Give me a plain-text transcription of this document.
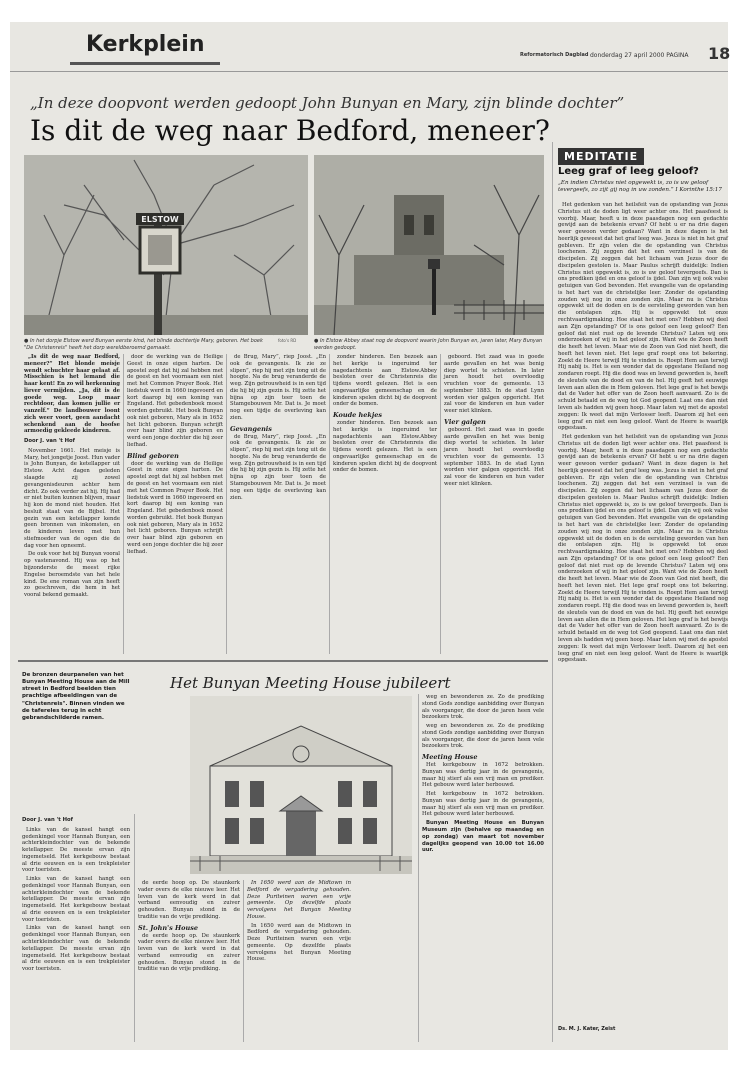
Kerkplein	Reformatorisch Dagblad donderdag 27 april 2000 PAGINA 18
„In deze doopvont werden gedoopt John Bunyan en Mary, zijn blinde dochter”
Is dit de weg naar Bedford, meneer?
ELSTOW
● In het dorpje Elstow werd Bunyan eerste kind, het blinde dochtertje Mary, geboren. Het boek "De Christenreis" heeft het dorp wereldberoemd gemaakt.
foto's RD	● In Elstow Abbey staat nog de doopvont waarin John Bunyan en, jaren later, Mary Bunyan werden gedoopt.

„Is dit de weg naar Bedford, meneer?” Het blonde meisje wendt schuchter haar gelaat af. Misschien is het lemand die haar kent! En zo wil herkenning liever vermijden. „Ja, dit is de goede weg. Loop maar rechtdoor, dan komen jullie er vanzelf.” De landbouwer loont zich weer voort, geen aandacht schenkend aan de hoofse armoedig gekleede kinderen.

Door J. van 't Hof

November 1661. Het meisje is Mary, het jongetje Joost. Hun vader is John Bunyan, de ketellapper uit Elstow. Acht dagen geleden slaagde zij zowel gevangenisdeuren achter hem dicht. Zo ook verder zat hij. Hij had er niet buiten kunnen blijven, maar hij kon de mond niet houden. Het besluit staat van de Bijbel. Het gezin van een ketellapper kende geen bronnen van inkomsten, en de kinderen leven met hun stiefmoeder van de ogen die de dag voor hen opneemt.

De ouk voor het bij Bunyan vooral op vastenavond. Hij was op het bijzonderste de meest rijke Engelse beroemdste van het hele kind. De ene roman van zijn heeft zo geschreven, die hem in het vooral bekend gemaakt.

door de werking van de Heilige Geest in onze eigen harten. De apostel zegt dat hij zal hebben met de geest en het voornaam een niet met het Common Prayer Book. Het liedstuk werd in 1660 ingevoerd en kort daarop bij een koning van Engeland. Het gebedenboek moest worden gebruikt. Het boek Bunyan ook niet geboren, Mary als in 1652 het licht geboren. Bunyan schrijft over haar blind zijn geboren en werd een jonge dochter die hij zeer liefhad.

Blind geboren

door de werking van de Heilige Geest in onze eigen harten. De apostel zegt dat hij zal hebben met de geest en het voornaam een niet met het Common Prayer Book. Het liedstuk werd in 1660 ingevoerd en kort daarop bij een koning van Engeland. Het gebedenboek moest worden gebruikt. Het boek Bunyan ook niet geboren, Mary als in 1652 het licht geboren. Bunyan schrijft over haar blind zijn geboren en werd een jonge dochter die hij zeer liefhad.

de Brug, Mary”, riep Joost. „En ook de gevangenis. Ik zie ze slipen”, riep hij met zijn tong uit de hoogte. Na de brug veranderde de weg. Zijn getrouwheid is in een tijd die hij bij zijn gezin is. Hij zette het bijna op zijn teer toen de Stamgebouwen Mr. Dat is. Je moet nog een tijdje de overleving kan zien.

Gevangenis

de Brug, Mary”, riep Joost. „En ook de gevangenis. Ik zie ze slipen”, riep hij met zijn tong uit de hoogte. Na de brug veranderde de weg. Zijn getrouwheid is in een tijd die hij bij zijn gezin is. Hij zette het bijna op zijn teer toen de Stamgebouwen Mr. Dat is. Je moet nog een tijdje de overleving kan zien.

zonder hinderen. Een bezoek aan het kerkje is ingeruimd ter nagedachtenis aan Elstow.Abbey besloten over de Christenreis die tijdens wordt gelezen. Het is een ongevaarlijke gemeenschap en de kinderen spelen dicht bij de doopvont onder de bomen.

Koude hekjes

zonder hinderen. Een bezoek aan het kerkje is ingeruimd ter nagedachtenis aan Elstow.Abbey besloten over de Christenreis die tijdens wordt gelezen. Het is een ongevaarlijke gemeenschap en de kinderen spelen dicht bij de doopvont onder de bomen.

geboord. Het zaad was in goede aarde gevallen en het was benig diep wortel te schieten. In later jaren houdt het overvloedig vruchten voor de gemeente. 13 september 1883. In de stad Lynn worden vier galgen opgericht. Het zal voor de kinderen en hun vader weer niet klinken.

Vier galgen

geboord. Het zaad was in goede aarde gevallen en het was benig diep wortel te schieten. In later jaren houdt het overvloedig vruchten voor de gemeente. 13 september 1883. In de stad Lynn worden vier galgen opgericht. Het zal voor de kinderen en hun vader weer niet klinken.

MEDITATIE
Leeg graf of leeg geloof?
„En indien Christus niet opgewekt is, zo is uw geloof tevergeefs, zo zijt gij nog in uw zonden.” I Korinthe 15:17

Het gedenken van het heilsfeit van de opstanding van Jezus Christus uit de doden ligt weer achter ons. Het paasfeest is voorbij. Maar, heeft u in deze paasdagen nog een gedachte gewijd aan de betekenis ervan? Of hebt u er na drie dagen weer gewoon verder gedaan? Want in deze dagen is het heerlijk geweest dat het graf leeg was. Jezus is niet in het graf gebleven. Er zijn velen die de opstanding van Christus loochenen. Zij zeggen dat het een verzinsel is van de discipelen. Zij zeggen dat het lichaam van Jezus door de discipelen gestolen is. Maar Paulus schrijft duidelijk: Indien Christus niet opgewekt is, zo is uw geloof tevergeefs. Dan is ons prediken ijdel en ons geloof is ijdel. Dan zijn wij ook valse getuigen van God bevonden. Het evangelie van de opstanding is het hart van de christelijke leer. Zonder de opstanding zouden wij nog in onze zonden zijn. Maar nu is Christus opgewekt uit de doden en is de eersteling geworden van hen die ontslapen zijn. Hij is opgewekt tot onze rechtvaardigmaking. Hoe staat het met ons? Hebben wij deel aan Zijn opstanding? Of is ons geloof een leeg geloof? Een geloof dat niet rust op de levende Christus? Laten wij ons onderzoeken of wij in het geloof zijn. Want wie de Zoon heeft die heeft het leven. Maar wie de Zoon van God niet heeft, die heeft het leven niet. Het lege graf roept ons tot bekering. Zoekt de Heere terwijl Hij te vinden is. Roept Hem aan terwijl Hij nabij is. Het is een wonder dat de opgestane Heiland nog zondaren roept. Hij die dood was en levend geworden is, heeft de sleutels van de dood en van de hel. Hij geeft het eeuwige leven aan allen die in Hem geloven. Het lege graf is het bewijs dat de Vader het offer van de Zoon heeft aanvaard. Zo is de schuld betaald en de weg tot God geopend. Laat ons dan niet leven als hadden wij geen hoop. Maar laten wij met de apostel zeggen: Ik weet dat mijn Verlosser leeft. Daarom zij het een leeg graf en niet een leeg geloof. Want de Heere is waarlijk opgestaan.

Het gedenken van het heilsfeit van de opstanding van Jezus Christus uit de doden ligt weer achter ons. Het paasfeest is voorbij. Maar, heeft u in deze paasdagen nog een gedachte gewijd aan de betekenis ervan? Of hebt u er na drie dagen weer gewoon verder gedaan? Want in deze dagen is het heerlijk geweest dat het graf leeg was. Jezus is niet in het graf gebleven. Er zijn velen die de opstanding van Christus loochenen. Zij zeggen dat het een verzinsel is van de discipelen. Zij zeggen dat het lichaam van Jezus door de discipelen gestolen is. Maar Paulus schrijft duidelijk: Indien Christus niet opgewekt is, zo is uw geloof tevergeefs. Dan is ons prediken ijdel en ons geloof is ijdel. Dan zijn wij ook valse getuigen van God bevonden. Het evangelie van de opstanding is het hart van de christelijke leer. Zonder de opstanding zouden wij nog in onze zonden zijn. Maar nu is Christus opgewekt uit de doden en is de eersteling geworden van hen die ontslapen zijn. Hij is opgewekt tot onze rechtvaardigmaking. Hoe staat het met ons? Hebben wij deel aan Zijn opstanding? Of is ons geloof een leeg geloof? Een geloof dat niet rust op de levende Christus? Laten wij ons onderzoeken of wij in het geloof zijn. Want wie de Zoon heeft die heeft het leven. Maar wie de Zoon van God niet heeft, die heeft het leven niet. Het lege graf roept ons tot bekering. Zoekt de Heere terwijl Hij te vinden is. Roept Hem aan terwijl Hij nabij is. Het is een wonder dat de opgestane Heiland nog zondaren roept. Hij die dood was en levend geworden is, heeft de sleutels van de dood en van de hel. Hij geeft het eeuwige leven aan allen die in Hem geloven. Het lege graf is het bewijs dat de Vader het offer van de Zoon heeft aanvaard. Zo is de schuld betaald en de weg tot God geopend. Laat ons dan niet leven als hadden wij geen hoop. Maar laten wij met de apostel zeggen: Ik weet dat mijn Verlosser leeft. Daarom zij het een leeg graf en niet een leeg geloof. Want de Heere is waarlijk opgestaan.

Ds. M. J. Kater, Zeist
De bronzen deurpanelen van het Bunyan Meeting House aan de Mill street in Bedford beelden tien prachtige afbeeldingen van de "Christenreis". Binnen vinden we de tafereles terug in echt gebrandschilderde ramen.
Het Bunyan Meeting House jubileert
Door J. van 't Hof

Links van de kansel hangt een gedenkingel voor Hannah Bunyan, een achterkleindochter van de bekende ketellapper. De meeste ervan zijn ingemetseld. Het kerkgebouw bestaat al drie eeuwen en is een trekpleister voor toeristen.

Links van de kansel hangt een gedenkingel voor Hannah Bunyan, een achterkleindochter van de bekende ketellapper. De meeste ervan zijn ingemetseld. Het kerkgebouw bestaat al drie eeuwen en is een trekpleister voor toeristen.

Links van de kansel hangt een gedenkingel voor Hannah Bunyan, een achterkleindochter van de bekende ketellapper. De meeste ervan zijn ingemetseld. Het kerkgebouw bestaat al drie eeuwen en is een trekpleister voor toeristen.

de eerde hoop op. De staunkerk vader overs de elke nieuwe leer. Het leven van de kerk werd in dat verband eenvoudig en zuiver gehouden. Bunyan stond in de traditie van de vrije prediking.

St. John's House

de eerde hoop op. De staunkerk vader overs de elke nieuwe leer. Het leven van de kerk werd in dat verband eenvoudig en zuiver gehouden. Bunyan stond in de traditie van de vrije prediking.

In 1650 werd aan de Midtown in Bedford de vergadering gehouden. Deze Puriteinen waren een vrije gemeente. Op dezelfde plaats vervolgens het Bunyan Meeting House.

In 1650 werd aan de Midtown in Bedford de vergadering gehouden. Deze Puriteinen waren een vrije gemeente. Op dezelfde plaats vervolgens het Bunyan Meeting House.

weg en bewonderen ze. Zo de prediking stond Gods zondige aanbidding over Bunyan als voorganger, die door de jaren heen vele bezoekers trok.

weg en bewonderen ze. Zo de prediking stond Gods zondige aanbidding over Bunyan als voorganger, die door de jaren heen vele bezoekers trok.

Meeting House

Het kerkgebouw in 1672 betrokken. Bunyan was dertig jaar in de gevangenis, maar hij stierf als een vrij man en prediker. Het gebouw werd later herbouwd.

Het kerkgebouw in 1672 betrokken. Bunyan was dertig jaar in de gevangenis, maar hij stierf als een vrij man en prediker. Het gebouw werd later herbouwd.

Bunyan Meeting House en Bunyan Museum zijn (behalve op maandag en op zondag) van maart tot november dagelijks geopend van 10.00 tot 16.00 uur.
